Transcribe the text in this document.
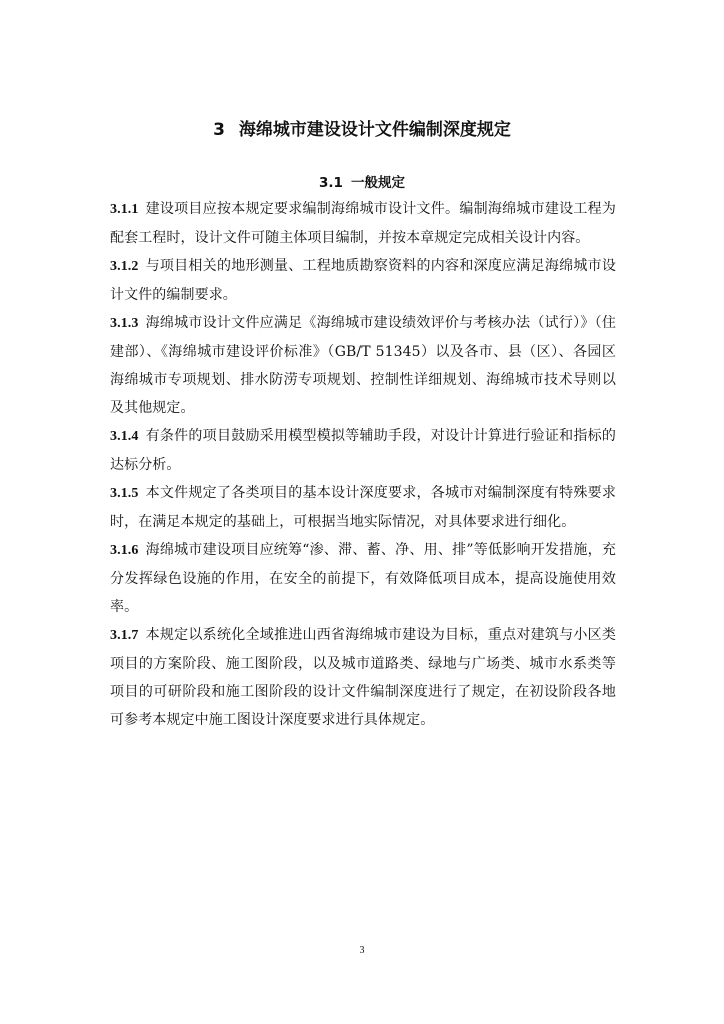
3 海绵城市建设设计文件编制深度规定
3.1 一般规定

3.1.1 建设项目应按本规定要求编制海绵城市设计文件。编制海绵城市建设工程为配套工程时，设计文件可随主体项目编制，并按本章规定完成相关设计内容。

3.1.2 与项目相关的地形测量、工程地质勘察资料的内容和深度应满足海绵城市设计文件的编制要求。

3.1.3 海绵城市设计文件应满足《海绵城市建设绩效评价与考核办法（试行）》（住建部）、《海绵城市建设评价标准》（GB/T 51345）以及各市、县（区）、各园区海绵城市专项规划、排水防涝专项规划、控制性详细规划、海绵城市技术导则以及其他规定。

3.1.4 有条件的项目鼓励采用模型模拟等辅助手段，对设计计算进行验证和指标的达标分析。

3.1.5 本文件规定了各类项目的基本设计深度要求，各城市对编制深度有特殊要求时，在满足本规定的基础上，可根据当地实际情况，对具体要求进行细化。

3.1.6 海绵城市建设项目应统筹“渗、滞、蓄、净、用、排”等低影响开发措施，充分发挥绿色设施的作用，在安全的前提下，有效降低项目成本，提高设施使用效率。

3.1.7 本规定以系统化全域推进山西省海绵城市建设为目标，重点对建筑与小区类项目的方案阶段、施工图阶段，以及城市道路类、绿地与广场类、城市水系类等项目的可研阶段和施工图阶段的设计文件编制深度进行了规定，在初设阶段各地可参考本规定中施工图设计深度要求进行具体规定。

3
